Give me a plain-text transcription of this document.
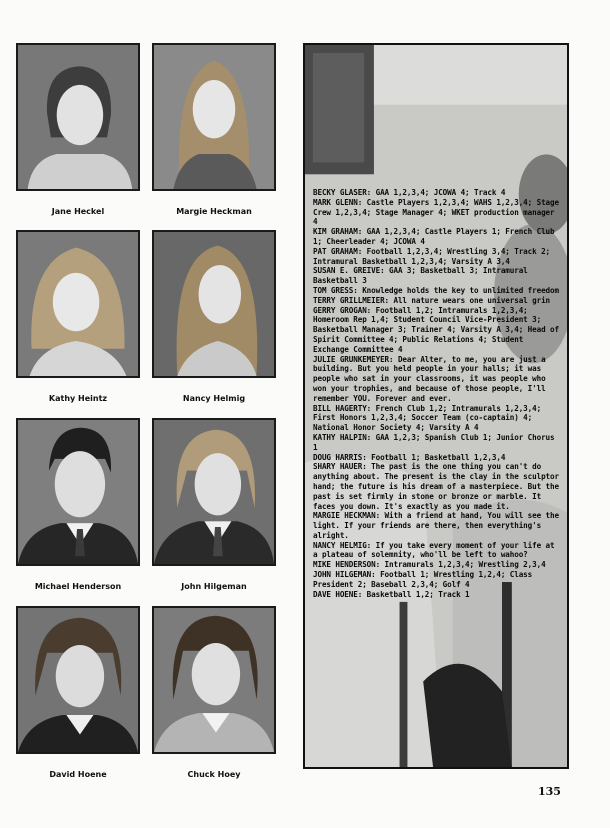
Jane Heckel	Margie Heckman
Kathy Heintz	Nancy Helmig
Michael Henderson	John Hilgeman
David Hoene	Chuck Hoey

BECKY GLASER: GAA 1,2,3,4; JCOWA 4; Track 4

MARK GLENN: Castle Players 1,2,3,4; WAHS 1,2,3,4; Stage Crew 1,2,3,4; Stage Manager 4; WKET production manager 4

KIM GRAHAM: GAA 1,2,3,4; Castle Players 1; French Club 1; Cheerleader 4; JCOWA 4

PAT GRAHAM: Football 1,2,3,4; Wrestling 3,4; Track 2; Intramural Basketball 1,2,3,4; Varsity A 3,4

SUSAN E. GREIVE: GAA 3; Basketball 3; Intramural Basketball 3

TOM GRESS: Knowledge holds the key to unlimited freedom

TERRY GRILLMEIER: All nature wears one universal grin

GERRY GROGAN: Football 1,2; Intramurals 1,2,3,4; Homeroom Rep 1,4; Student Council Vice-President 3; Basketball Manager 3; Trainer 4; Varsity A 3,4; Head of Spirit Committee 4; Public Relations 4; Student Exchange Committee 4

JULIE GRUNKEMEYER: Dear Alter, to me, you are just a building. But you held people in your halls; it was people who sat in your classrooms, it was people who won your trophies, and because of those people, I'll remember YOU. Forever and ever.

BILL HAGERTY: French Club 1,2; Intramurals 1,2,3,4; First Honors 1,2,3,4; Soccer Team (co-captain) 4; National Honor Society 4; Varsity A 4

KATHY HALPIN: GAA 1,2,3; Spanish Club 1; Junior Chorus 1

DOUG HARRIS: Football 1; Basketball 1,2,3,4

SHARY HAUER: The past is the one thing you can't do anything about. The present is the clay in the sculptor hand; the future is his dream of a masterpiece. But the past is set firmly in stone or bronze or marble. It faces you down. It's exactly as you made it.

MARGIE HECKMAN: With a friend at hand, You will see the light. If your friends are there, then everything's alright.

NANCY HELMIG: If you take every moment of your life at a plateau of solemnity, who'll be left to wahoo?

MIKE HENDERSON: Intramurals 1,2,3,4; Wrestling 2,3,4

JOHN HILGEMAN: Football 1; Wrestling 1,2,4; Class President 2; Baseball 2,3,4; Golf 4

DAVE HOENE: Basketball 1,2; Track 1

135
